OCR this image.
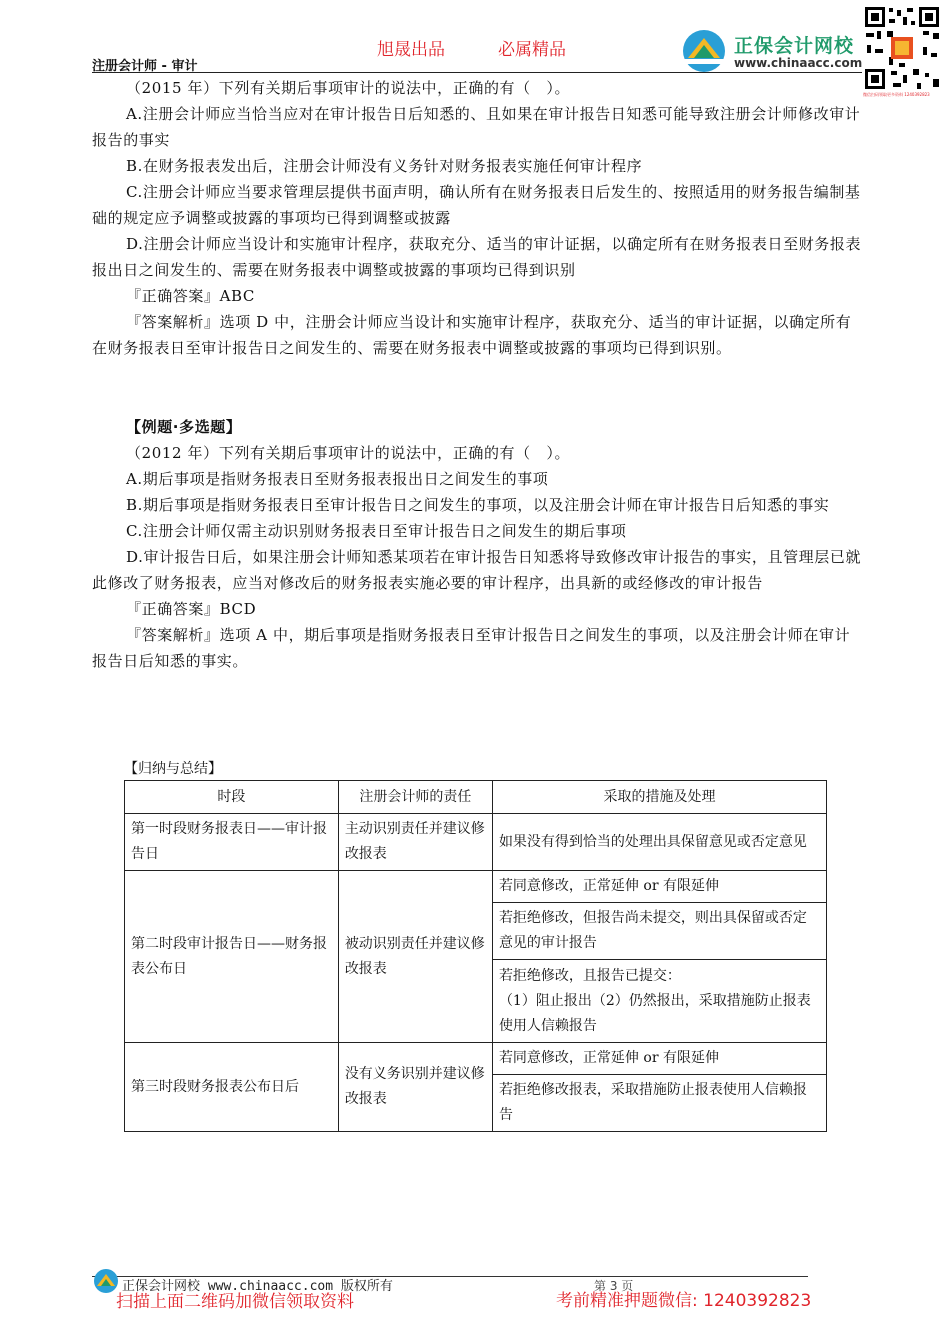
旭晟出品	必属精品
注册会计师 - 审计
正保会计网校
www.chinaacc.com
微信扫码领取更多资料 1240392823

（2015 年）下列有关期后事项审计的说法中，正确的有（　）。

A.注册会计师应当恰当应对在审计报告日后知悉的、且如果在审计报告日知悉可能导致注册会计师修改审计报告的事实

B.在财务报表发出后，注册会计师没有义务针对财务报表实施任何审计程序

C.注册会计师应当要求管理层提供书面声明，确认所有在财务报表日后发生的、按照适用的财务报告编制基础的规定应予调整或披露的事项均已得到调整或披露

D.注册会计师应当设计和实施审计程序，获取充分、适当的审计证据，以确定所有在财务报表日至财务报表报出日之间发生的、需要在财务报表中调整或披露的事项均已得到识别

『正确答案』ABC

『答案解析』选项 D 中，注册会计师应当设计和实施审计程序，获取充分、适当的审计证据，以确定所有在财务报表日至审计报告日之间发生的、需要在财务报表中调整或披露的事项均已得到识别。

【例题·多选题】

（2012 年）下列有关期后事项审计的说法中，正确的有（　）。

A.期后事项是指财务报表日至财务报表报出日之间发生的事项

B.期后事项是指财务报表日至审计报告日之间发生的事项，以及注册会计师在审计报告日后知悉的事实

C.注册会计师仅需主动识别财务报表日至审计报告日之间发生的期后事项

D.审计报告日后，如果注册会计师知悉某项若在审计报告日知悉将导致修改审计报告的事实，且管理层已就此修改了财务报表，应当对修改后的财务报表实施必要的审计程序，出具新的或经修改的审计报告

『正确答案』BCD

『答案解析』选项 A 中，期后事项是指财务报表日至审计报告日之间发生的事项，以及注册会计师在审计报告日后知悉的事实。

【归纳与总结】
时段	注册会计师的责任	采取的措施及处理
第一时段财务报表日——审计报告日	主动识别责任并建议修改报表	如果没有得到恰当的处理出具保留意见或否定意见
第二时段审计报告日——财务报表公布日	被动识别责任并建议修改报表	若同意修改，正常延伸 or 有限延伸
		若拒绝修改，但报告尚未提交，则出具保留或否定意见的审计报告

		若拒绝修改，且报告已提交：
（1）阻止报出（2）仍然报出，采取措施防止报表使用人信赖报告

第三时段财务报表公布日后	没有义务识别并建议修改报表	若同意修改，正常延伸 or 有限延伸
		若拒绝修改报表，采取措施防止报表使用人信赖报告
正保会计网校 www.chinaacc.com 版权所有	第 3 页
扫描上面二维码加微信领取资料	考前精准押题微信: 1240392823
